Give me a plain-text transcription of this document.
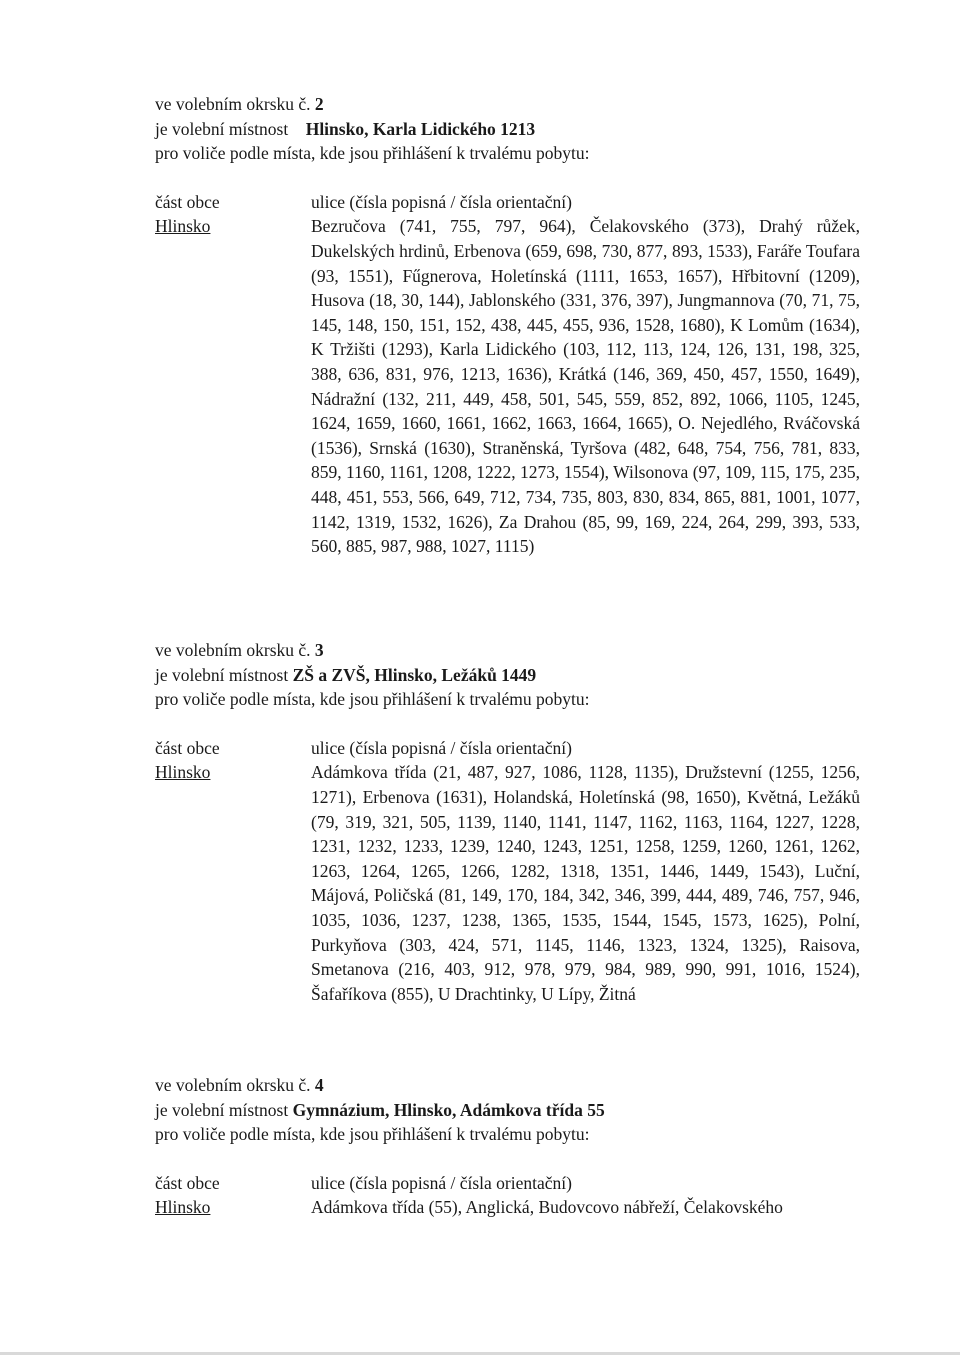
ve volebním okrsku č. 2
je volební místnost Hlinsko, Karla Lidického 1213
pro voliče podle místa, kde jsou přihlášení k trvalému pobytu:
část obce
Hlinsko
ulice (čísla popisná / čísla orientační)
Bezručova (741, 755, 797, 964), Čelakovského (373), Drahý růžek, Dukelských hrdinů, Erbenova (659, 698, 730, 877, 893, 1533), Faráře Toufara (93, 1551), Fűgnerova, Holetínská (1111, 1653, 1657), Hřbitovní (1209), Husova (18, 30, 144), Jablonského (331, 376, 397), Jungmannova (70, 71, 75, 145, 148, 150, 151, 152, 438, 445, 455, 936, 1528, 1680), K Lomům (1634), K Tržišti (1293), Karla Lidického (103, 112, 113, 124, 126, 131, 198, 325, 388, 636, 831, 976, 1213, 1636), Krátká (146, 369, 450, 457, 1550, 1649), Nádražní (132, 211, 449, 458, 501, 545, 559, 852, 892, 1066, 1105, 1245, 1624, 1659, 1660, 1661, 1662, 1663, 1664, 1665), O. Nejedlého, Rváčovská (1536), Srnská (1630), Straněnská, Tyršova (482, 648, 754, 756, 781, 833, 859, 1160, 1161, 1208, 1222, 1273, 1554), Wilsonova (97, 109, 115, 175, 235, 448, 451, 553, 566, 649, 712, 734, 735, 803, 830, 834, 865, 881, 1001, 1077, 1142, 1319, 1532, 1626), Za Drahou (85, 99, 169, 224, 264, 299, 393, 533, 560, 885, 987, 988, 1027, 1115)
ve volebním okrsku č. 3
je volební místnost ZŠ a ZVŠ, Hlinsko, Ležáků 1449
pro voliče podle místa, kde jsou přihlášení k trvalému pobytu:
část obce
Hlinsko
ulice (čísla popisná / čísla orientační)
Adámkova třída (21, 487, 927, 1086, 1128, 1135), Družstevní (1255, 1256, 1271), Erbenova (1631), Holandská, Holetínská (98, 1650), Květná, Ležáků (79, 319, 321, 505, 1139, 1140, 1141, 1147, 1162, 1163, 1164, 1227, 1228, 1231, 1232, 1233, 1239, 1240, 1243, 1251, 1258, 1259, 1260, 1261, 1262, 1263, 1264, 1265, 1266, 1282, 1318, 1351, 1446, 1449, 1543), Luční, Májová, Poličská (81, 149, 170, 184, 342, 346, 399, 444, 489, 746, 757, 946, 1035, 1036, 1237, 1238, 1365, 1535, 1544, 1545, 1573, 1625), Polní, Purkyňova (303, 424, 571, 1145, 1146, 1323, 1324, 1325), Raisova, Smetanova (216, 403, 912, 978, 979, 984, 989, 990, 991, 1016, 1524), Šafaříkova (855), U Drachtinky, U Lípy, Žitná
ve volebním okrsku č. 4
je volební místnost Gymnázium, Hlinsko, Adámkova třída 55
pro voliče podle místa, kde jsou přihlášení k trvalému pobytu:
část obce
Hlinsko
ulice (čísla popisná / čísla orientační)
Adámkova třída (55), Anglická, Budovcovo nábřeží, Čelakovského
